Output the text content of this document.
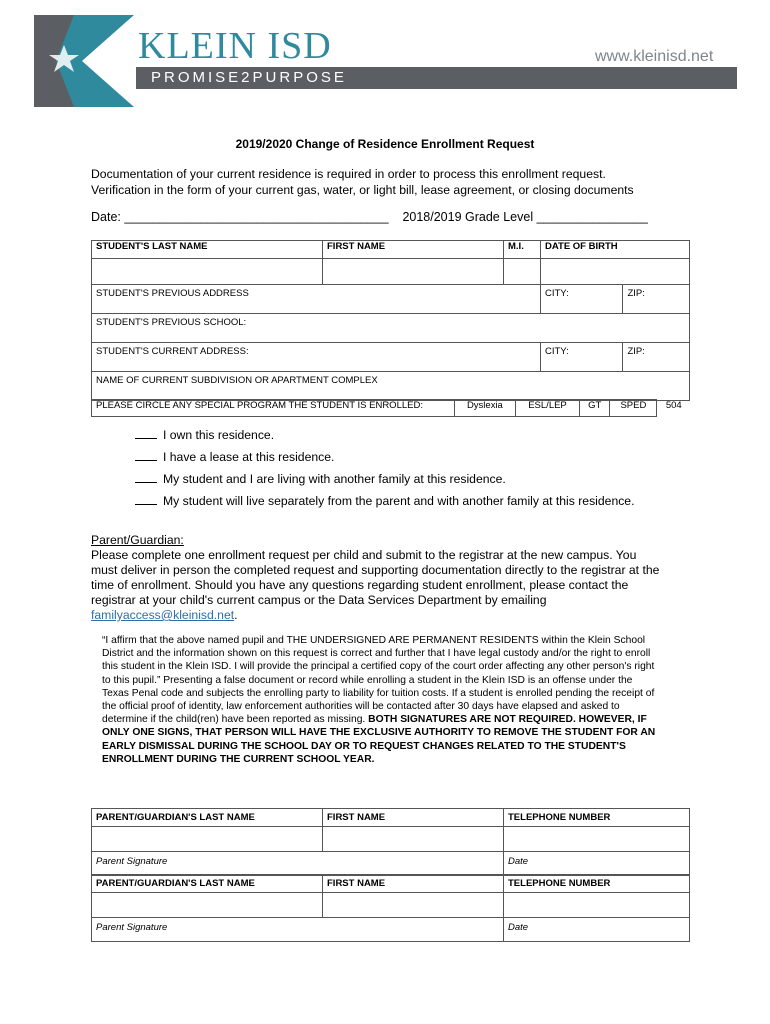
KLEIN ISD
PROMISE2PURPOSE
www.kleinisd.net
2019/2020 Change of Residence Enrollment Request
Documentation of your current residence is required in order to process this enrollment request.
Verification in the form of your current gas, water, or light bill, lease agreement, or closing documents
Date: ______________________________________ 2018/2019 Grade Level ________________
STUDENT'S LAST NAME	FIRST NAME	M.I.	DATE OF BIRTH	

STUDENT'S PREVIOUS ADDRESS			CITY:	ZIP:
STUDENT'S PREVIOUS SCHOOL:				
STUDENT'S CURRENT ADDRESS:			CITY:	ZIP:
NAME OF CURRENT SUBDIVISION OR APARTMENT COMPLEX				
PLEASE CIRCLE ANY SPECIAL PROGRAM THE STUDENT IS ENROLLED:	Dyslexia	ESL/LEP	GT	SPED	504
I own this residence.
I have a lease at this residence.
My student and I are living with another family at this residence.
My student will live separately from the parent and with another family at this residence.
Parent/Guardian:
Please complete one enrollment request per child and submit to the registrar at the new campus. You
must deliver in person the completed request and supporting documentation directly to the registrar at the
time of enrollment. Should you have any questions regarding student enrollment, please contact the
registrar at your child's current campus or the Data Services Department by emailing
familyaccess@kleinisd.net.
“I affirm that the above named pupil and THE UNDERSIGNED ARE PERMANENT RESIDENTS within the Klein School District and the information shown on this request is correct and further that I have legal custody and/or the right to enroll this student in the Klein ISD. I will provide the principal a certified copy of the court order affecting any other person's right to this pupil.” Presenting a false document or record while enrolling a student in the Klein ISD is an offense under the Texas Penal code and subjects the enrolling party to liability for tuition costs. If a student is enrolled pending the receipt of the official proof of identity, law enforcement authorities will be contacted after 30 days have elapsed and asked to determine if the child(ren) have been reported as missing. BOTH SIGNATURES ARE NOT REQUIRED. HOWEVER, IF ONLY ONE SIGNS, THAT PERSON WILL HAVE THE EXCLUSIVE AUTHORITY TO REMOVE THE STUDENT FOR AN EARLY DISMISSAL DURING THE SCHOOL DAY OR TO REQUEST CHANGES RELATED TO THE STUDENT'S ENROLLMENT DURING THE CURRENT SCHOOL YEAR.
PARENT/GUARDIAN'S LAST NAME	FIRST NAME	TELEPHONE NUMBER

Parent Signature		Date
PARENT/GUARDIAN'S LAST NAME	FIRST NAME	TELEPHONE NUMBER

Parent Signature		Date
